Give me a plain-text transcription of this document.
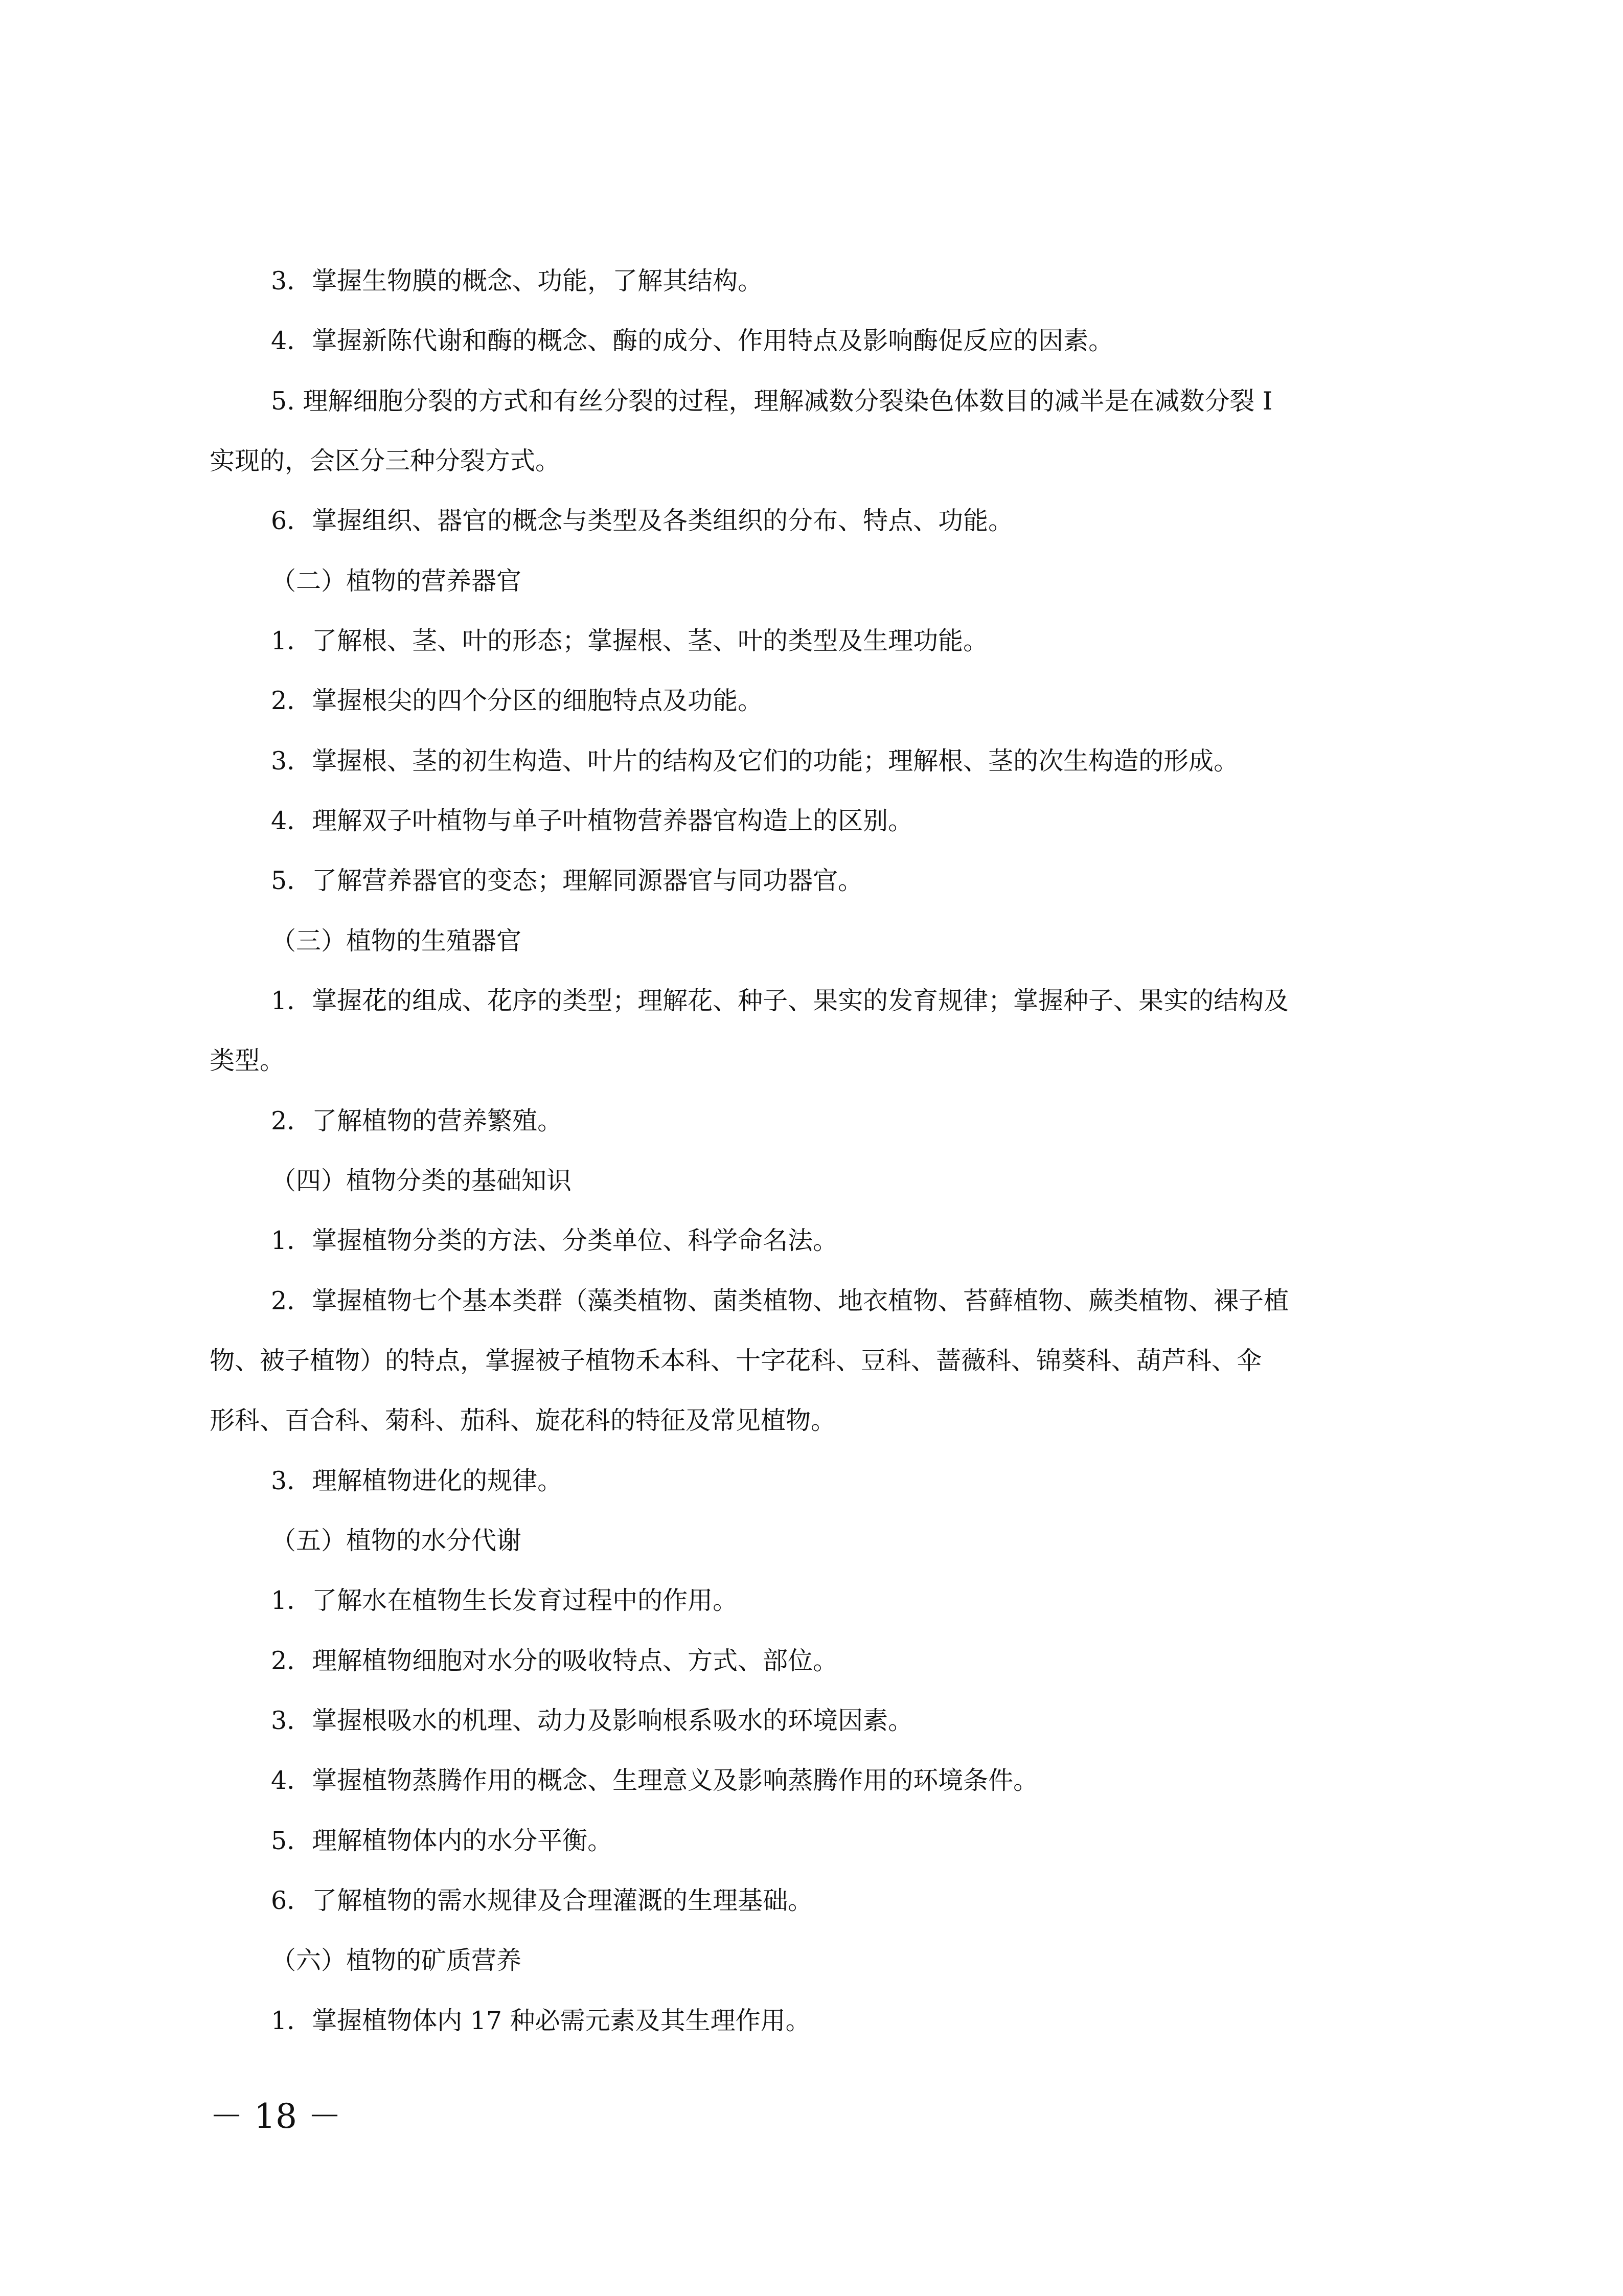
3．掌握生物膜的概念、功能，了解其结构。

4．掌握新陈代谢和酶的概念、酶的成分、作用特点及影响酶促反应的因素。

5. 理解细胞分裂的方式和有丝分裂的过程，理解减数分裂染色体数目的减半是在减数分裂 I

实现的，会区分三种分裂方式。

6．掌握组织、器官的概念与类型及各类组织的分布、特点、功能。

（二）植物的营养器官

1．了解根、茎、叶的形态；掌握根、茎、叶的类型及生理功能。

2．掌握根尖的四个分区的细胞特点及功能。

3．掌握根、茎的初生构造、叶片的结构及它们的功能；理解根、茎的次生构造的形成。

4．理解双子叶植物与单子叶植物营养器官构造上的区别。

5．了解营养器官的变态；理解同源器官与同功器官。

（三）植物的生殖器官

1．掌握花的组成、花序的类型；理解花、种子、果实的发育规律；掌握种子、果实的结构及

类型。

2．了解植物的营养繁殖。

（四）植物分类的基础知识

1．掌握植物分类的方法、分类单位、科学命名法。

2．掌握植物七个基本类群（藻类植物、菌类植物、地衣植物、苔藓植物、蕨类植物、裸子植

物、被子植物）的特点，掌握被子植物禾本科、十字花科、豆科、蔷薇科、锦葵科、葫芦科、伞

形科、百合科、菊科、茄科、旋花科的特征及常见植物。

3．理解植物进化的规律。

（五）植物的水分代谢

1．了解水在植物生长发育过程中的作用。

2．理解植物细胞对水分的吸收特点、方式、部位。

3．掌握根吸水的机理、动力及影响根系吸水的环境因素。

4．掌握植物蒸腾作用的概念、生理意义及影响蒸腾作用的环境条件。

5．理解植物体内的水分平衡。

6．了解植物的需水规律及合理灌溉的生理基础。

（六）植物的矿质营养

1．掌握植物体内 17 种必需元素及其生理作用。

－ 18 －
